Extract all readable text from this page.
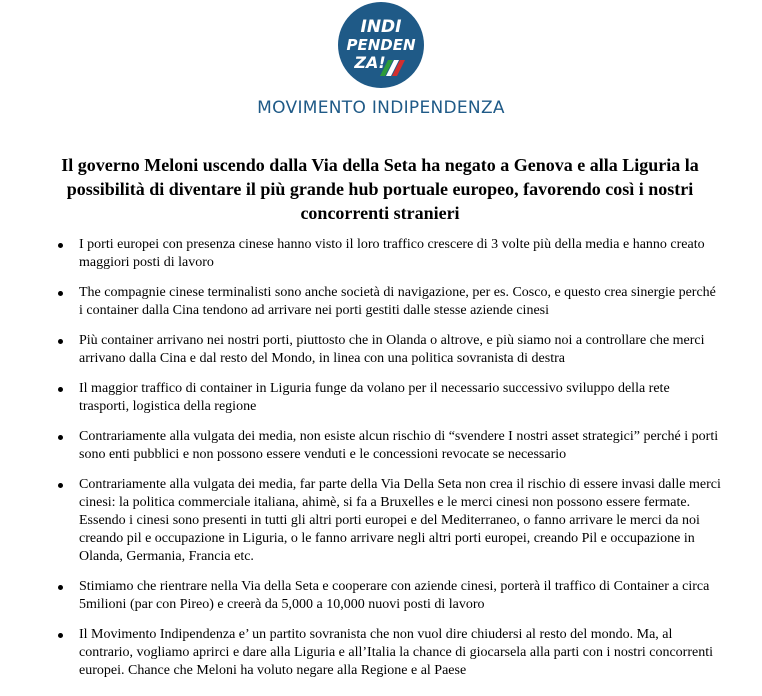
INDI
PENDEN
ZA!
MOVIMENTO INDIPENDENZA
Il governo Meloni uscendo dalla Via della Seta ha negato a Genova e alla Liguria la possibilità di diventare il più grande hub portuale europeo, favorendo così i nostri concorrenti stranieri
I porti europei con presenza cinese hanno visto il loro traffico crescere di 3 volte più della media e hanno creato maggiori posti di lavoro
The compagnie cinese terminalisti sono anche società di navigazione, per es. Cosco, e questo crea sinergie perché i container dalla Cina tendono ad arrivare nei porti gestiti dalle stesse aziende cinesi
Più container arrivano nei nostri porti, piuttosto che in Olanda o altrove, e più siamo noi a controllare che merci arrivano dalla Cina e dal resto del Mondo, in linea con una politica sovranista di destra
Il maggior traffico di container in Liguria funge da volano per il necessario successivo sviluppo della rete trasporti, logistica della regione
Contrariamente alla vulgata dei media, non esiste alcun rischio di “svendere I nostri asset strategici” perché i porti sono enti pubblici e non possono essere venduti e le concessioni revocate se necessario
Contrariamente alla vulgata dei media, far parte della Via Della Seta non crea il rischio di essere invasi dalle merci cinesi: la politica commerciale italiana, ahimè, si fa a Bruxelles e le merci cinesi non possono essere fermate. Essendo i cinesi sono presenti in tutti gli altri porti europei e del Mediterraneo, o fanno arrivare le merci da noi creando pil e occupazione in Liguria, o le fanno arrivare negli altri porti europei, creando Pil e occupazione in Olanda, Germania, Francia etc.
Stimiamo che rientrare nella Via della Seta e cooperare con aziende cinesi, porterà il traffico di Container a circa 5milioni (par con Pireo) e creerà da 5,000 a 10,000 nuovi posti di lavoro
Il Movimento Indipendenza e’ un partito sovranista che non vuol dire chiudersi al resto del mondo. Ma, al contrario, vogliamo aprirci e dare alla Liguria e all’Italia la chance di giocarsela alla parti con i nostri concorrenti europei. Chance che Meloni ha voluto negare alla Regione e al Paese
